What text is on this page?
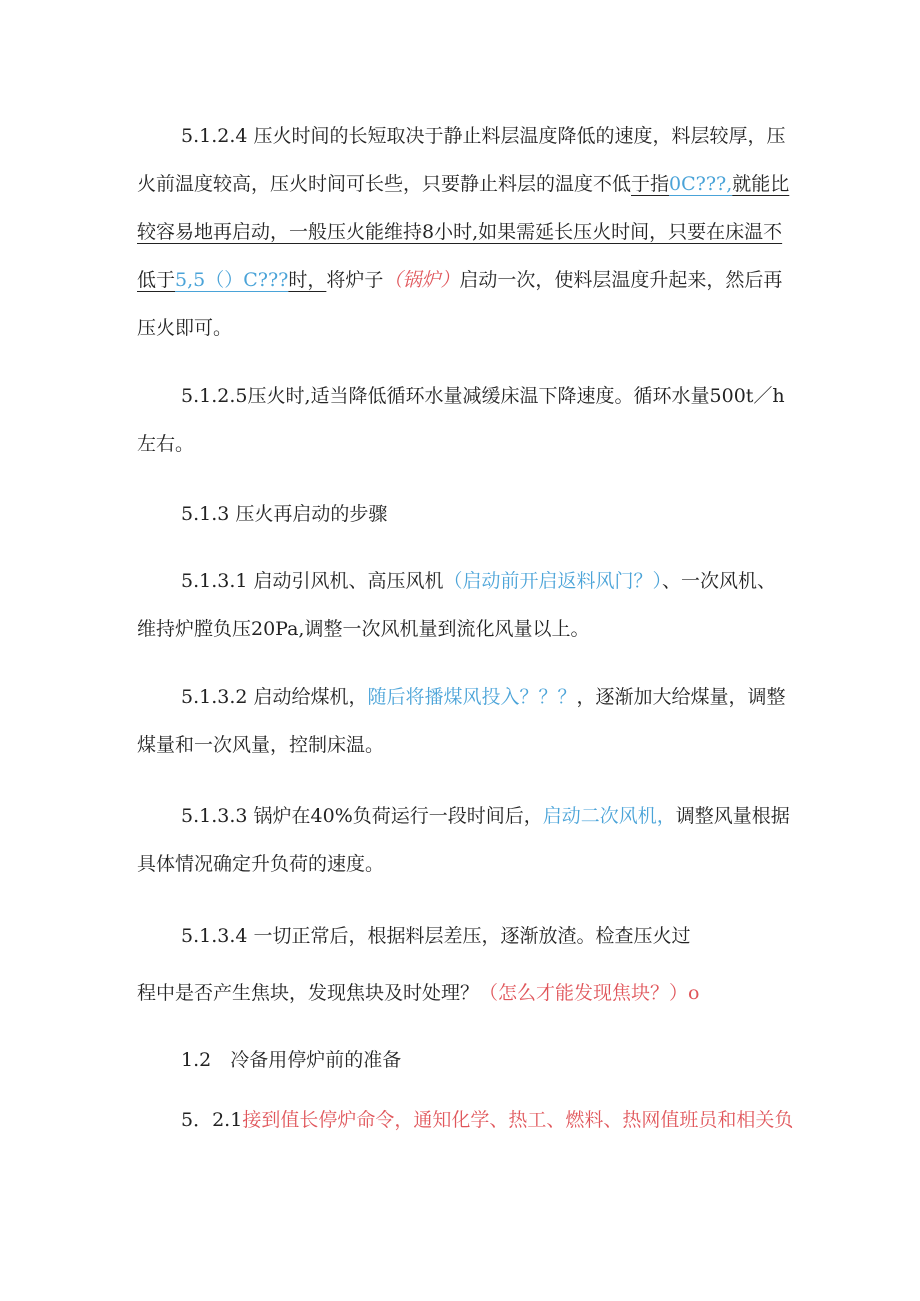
5.1.2.4 压火时间的长短取决于静止料层温度降低的速度，料层较厚，压
火前温度较高，压火时间可长些，只要静止料层的温度不低于指0C???,就能比
较容易地再启动，一般压火能维持8小时,如果需延长压火时间，只要在床温不
低于5,5（）C???时，将炉子（锅炉）启动一次，使料层温度升起来，然后再
压火即可。
5.1.2.5压火时,适当降低循环水量减缓床温下降速度。循环水量500t／h
左右。
5.1.3 压火再启动的步骤
5.1.3.1 启动引风机、高压风机（启动前开启返料风门？）、一次风机、
维持炉膛负压20Pa,调整一次风机量到流化风量以上。
5.1.3.2 启动给煤机，随后将播煤风投入？？？，逐渐加大给煤量，调整
煤量和一次风量，控制床温。
5.1.3.3 锅炉在40%负荷运行一段时间后，启动二次风机，调整风量根据
具体情况确定升负荷的速度。
5.1.3.4 一切正常后，根据料层差压，逐渐放渣。检查压火过
程中是否产生焦块，发现焦块及时处理？（怎么才能发现焦块？）o
1.2　冷备用停炉前的准备
5．2.1接到值长停炉命令，通知化学、热工、燃料、热网值班员和相关负
